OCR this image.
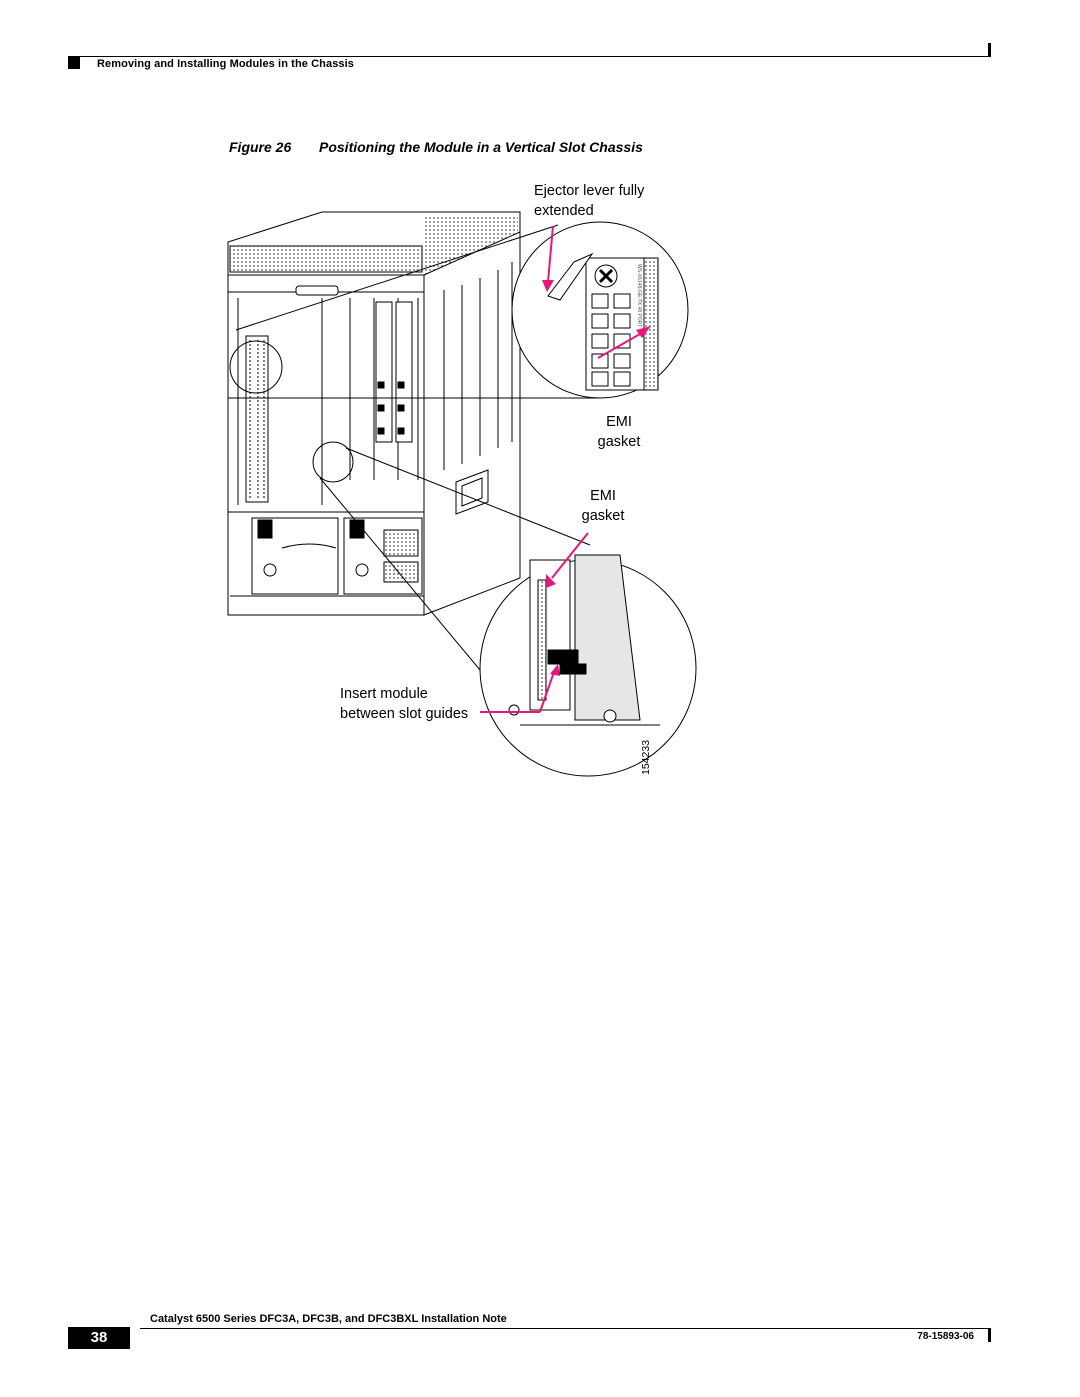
Removing and Installing Modules in the Chassis
Figure 26 Positioning the Module in a Vertical Slot Chassis
Ejector lever fully
extended
EMI
gasket
EMI
gasket
Insert module
between slot guides
WS-X6148-GE-TX 48 PORT
154233
Catalyst 6500 Series DFC3A, DFC3B, and DFC3BXL Installation Note
38	78-15893-06
